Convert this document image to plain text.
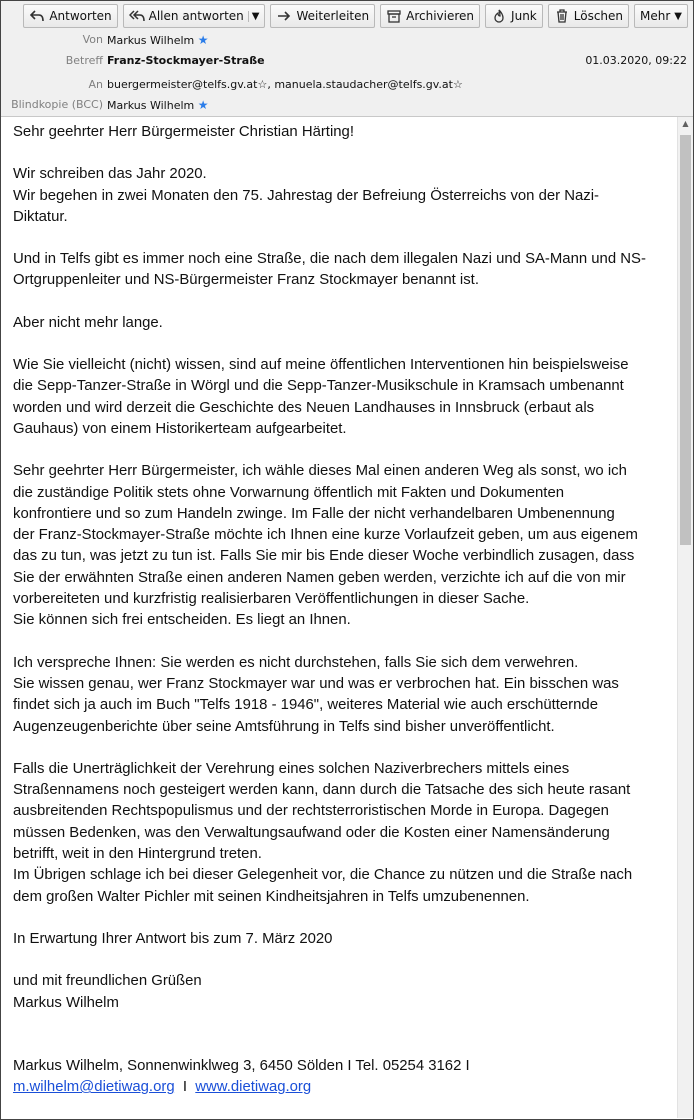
Antworten	Allen antworten ▼	Weiterleiten	Archivieren	Junk	Löschen Mehr ▼
Von Markus Wilhelm ★
Betreff Franz-Stockmayer-Straße	01.03.2020, 09:22
An buergermeister@telfs.gv.at☆, manuela.staudacher@telfs.gv.at☆
Blindkopie (BCC) Markus Wilhelm ★

Sehr geehrter Herr Bürgermeister Christian Härting!

Wir schreiben das Jahr 2020.
Wir begehen in zwei Monaten den 75. Jahrestag der Befreiung Österreichs von der Nazi-
Diktatur.

Und in Telfs gibt es immer noch eine Straße, die nach dem illegalen Nazi und SA-Mann und NS-
Ortgruppenleiter und NS-Bürgermeister Franz Stockmayer benannt ist.

Aber nicht mehr lange.

Wie Sie vielleicht (nicht) wissen, sind auf meine öffentlichen Interventionen hin beispielsweise
die Sepp-Tanzer-Straße in Wörgl und die Sepp-Tanzer-Musikschule in Kramsach umbenannt
worden und wird derzeit die Geschichte des Neuen Landhauses in Innsbruck (erbaut als
Gauhaus) von einem Historikerteam aufgearbeitet.

Sehr geehrter Herr Bürgermeister, ich wähle dieses Mal einen anderen Weg als sonst, wo ich
die zuständige Politik stets ohne Vorwarnung öffentlich mit Fakten und Dokumenten
konfrontiere und so zum Handeln zwinge. Im Falle der nicht verhandelbaren Umbenennung
der Franz-Stockmayer-Straße möchte ich Ihnen eine kurze Vorlaufzeit geben, um aus eigenem
das zu tun, was jetzt zu tun ist. Falls Sie mir bis Ende dieser Woche verbindlich zusagen, dass
Sie der erwähnten Straße einen anderen Namen geben werden, verzichte ich auf die von mir
vorbereiteten und kurzfristig realisierbaren Veröffentlichungen in dieser Sache.
Sie können sich frei entscheiden. Es liegt an Ihnen.

Ich verspreche Ihnen: Sie werden es nicht durchstehen, falls Sie sich dem verwehren.
Sie wissen genau, wer Franz Stockmayer war und was er verbrochen hat. Ein bisschen was
findet sich ja auch im Buch "Telfs 1918 - 1946", weiteres Material wie auch erschütternde
Augenzeugenberichte über seine Amtsführung in Telfs sind bisher unveröffentlicht.

Falls die Unerträglichkeit der Verehrung eines solchen Naziverbrechers mittels eines
Straßennamens noch gesteigert werden kann, dann durch die Tatsache des sich heute rasant
ausbreitenden Rechtspopulismus und der rechtsterroristischen Morde in Europa. Dagegen
müssen Bedenken, was den Verwaltungsaufwand oder die Kosten einer Namensänderung
betrifft, weit in den Hintergrund treten.
Im Übrigen schlage ich bei dieser Gelegenheit vor, die Chance zu nützen und die Straße nach
dem großen Walter Pichler mit seinen Kindheitsjahren in Telfs umzubenennen.

In Erwartung Ihrer Antwort bis zum 7. März 2020

und mit freundlichen Grüßen
Markus Wilhelm

Markus Wilhelm, Sonnenwinklweg 3, 6450 Sölden I Tel. 05254 3162 I
m.wilhelm@dietiwag.org  I  www.dietiwag.org

▲
